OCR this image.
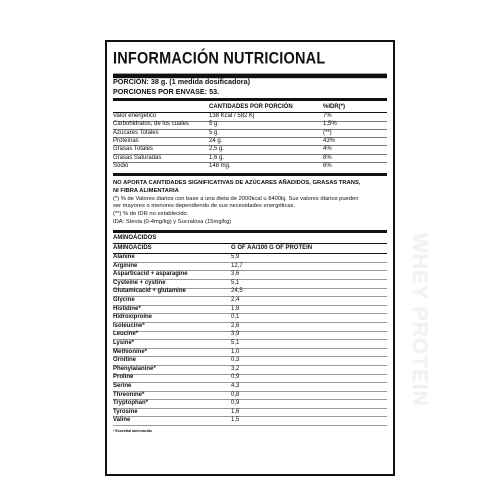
INFORMACIÓN NUTRICIONAL
PORCIÓN: 38 g. (1 medida dosificadora)
PORCIONES POR ENVASE: 53.
CANTIDADES POR PORCIÓN	%IDR(*)
Valor energético	138 Kcal / 582 Kj	7%
Carbohidratos, de los cuales	5 g.	1,5%
Azúcares Totales	5 g.	(**)
Proteínas	24 g.	43%
Grasas Totales	2,5 g.	4%
Grasas Saturadas	1,6 g.	8%
Sodio	148 mg.	6%
NO APORTA CANTIDADES SIGNIFICATIVAS DE AZÚCARES AÑADIDOS, GRASAS TRANS,
NI FIBRA ALIMENTARIA
(*) % de Valores diarios con base a una dieta de 2000kcal u 8400kj. Sus valores diarios pueden
ser mayores o menores dependiendo de sus necesidades energéticas.
(**) % de IDR no establecido.
IDA: Stevia (0-4mg/kg) y Sucralosa (15mg/kg)
AMINOÁCIDOS
AMINOACIDS	G OF AA/100 G OF PROTEIN
Alanine	5,9
Arginine	12,7
Asparticacid + asparagine	3,6
Cysteine + cystine	5,1
Glutamicacid + glutamine	24,5
Glycine	2,4
Histidine*	1,8
Hidroxiprolne	0,1
Isoleucine*	2,6
Leucine*	3,9
Lysine*	5,1
Methionine*	1,0
Ornitine	0,3
Phenylalanine*	3,2
Proline	0,9
Serine	4,3
Threonine*	0,8
Tryptophan*	0,9
Tyrosine	1,6
Valine	1,5
* Essential aminoacids
WHEY PROTEIN
